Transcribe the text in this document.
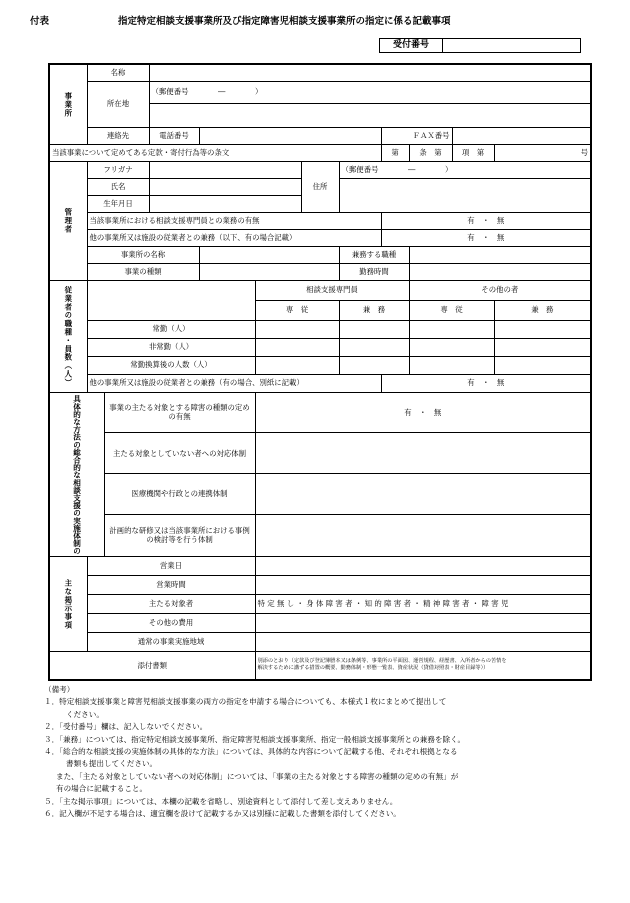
付表	指定特定相談支援事業所及び指定障害児相談支援事業所の指定に係る記載事項
受付番号
事業所	名称										
	所在地		（郵便番号　　　　―　　　　）								

	連絡先		電話番号					ＦＡＸ番号			
当該事業について定めてある定款・寄付行為等の条文								第	条　第	項　第	号
管理者	フリガナ					住所	（郵便番号　　　　―　　　　）				
	氏名										
	生年月日										
	当該事業所における相談支援専門員との業務の有無							有　・　無			
	他の事業所又は施設の従業者との兼務（以下、有の場合記載）							有　・　無			
	事業所の名称						兼務する職種				
	事業の種類						勤務時間				
従業者の職種・員数（人）					相談支援専門員				その他の者		
					専　従		兼　務		専　従		兼　務
	常勤（人）										
	非常勤（人）										
	常勤換算後の人数（人）										
	他の事業所又は施設の従業者との兼務（有の場合、別紙に記載）							有　・　無			
具体的な方法の総合的な相談支援の実施体制の		事業の主たる対象とする障害の種類の定めの有無			有　・　無						
		主たる対象としていない者への対応体制									
		医療機関や行政との連携体制									
		計画的な研修又は当該事業所における事例の検討等を行う体制									
主な掲示事項	営業日										
	営業時間										
	主たる対象者				特 定 無 し ・ 身 体 障 害 者 ・ 知 的 障 害 者 ・ 精 神 障 害 者 ・ 障 害 児						
	その他の費用										
	通常の事業実施地域										
添付書類					別添のとおり（定款及び登記簿謄本又は条例等、事業所の平面図、運営規程、経歴書、入所者からの苦情を
解決するために講ずる措置の概要、勤務体制・形態一覧表、資産状況（貸借対照表・財産目録等））						
（備考）
１．特定相談支援事業と障害児相談支援事業の両方の指定を申請する場合についても、本様式１枚にまとめて提出して
ください。
２．「受付番号」欄は、記入しないでください。
３．「兼務」については、指定特定相談支援事業所、指定障害児相談支援事業所、指定一般相談支援事業所との兼務を除く。
４．「総合的な相談支援の実施体制の具体的な方法」については、具体的な内容について記載する他、それぞれ根拠となる
書類も提出してください。
また、「主たる対象としていない者への対応体制」については、「事業の主たる対象とする障害の種類の定めの有無」が
有の場合に記載すること。
５．「主な掲示事項」については、本欄の記載を省略し、別途資料として添付して差し支えありません。
６．記入欄が不足する場合は、適宜欄を設けて記載するか又は別様に記載した書類を添付してください。
